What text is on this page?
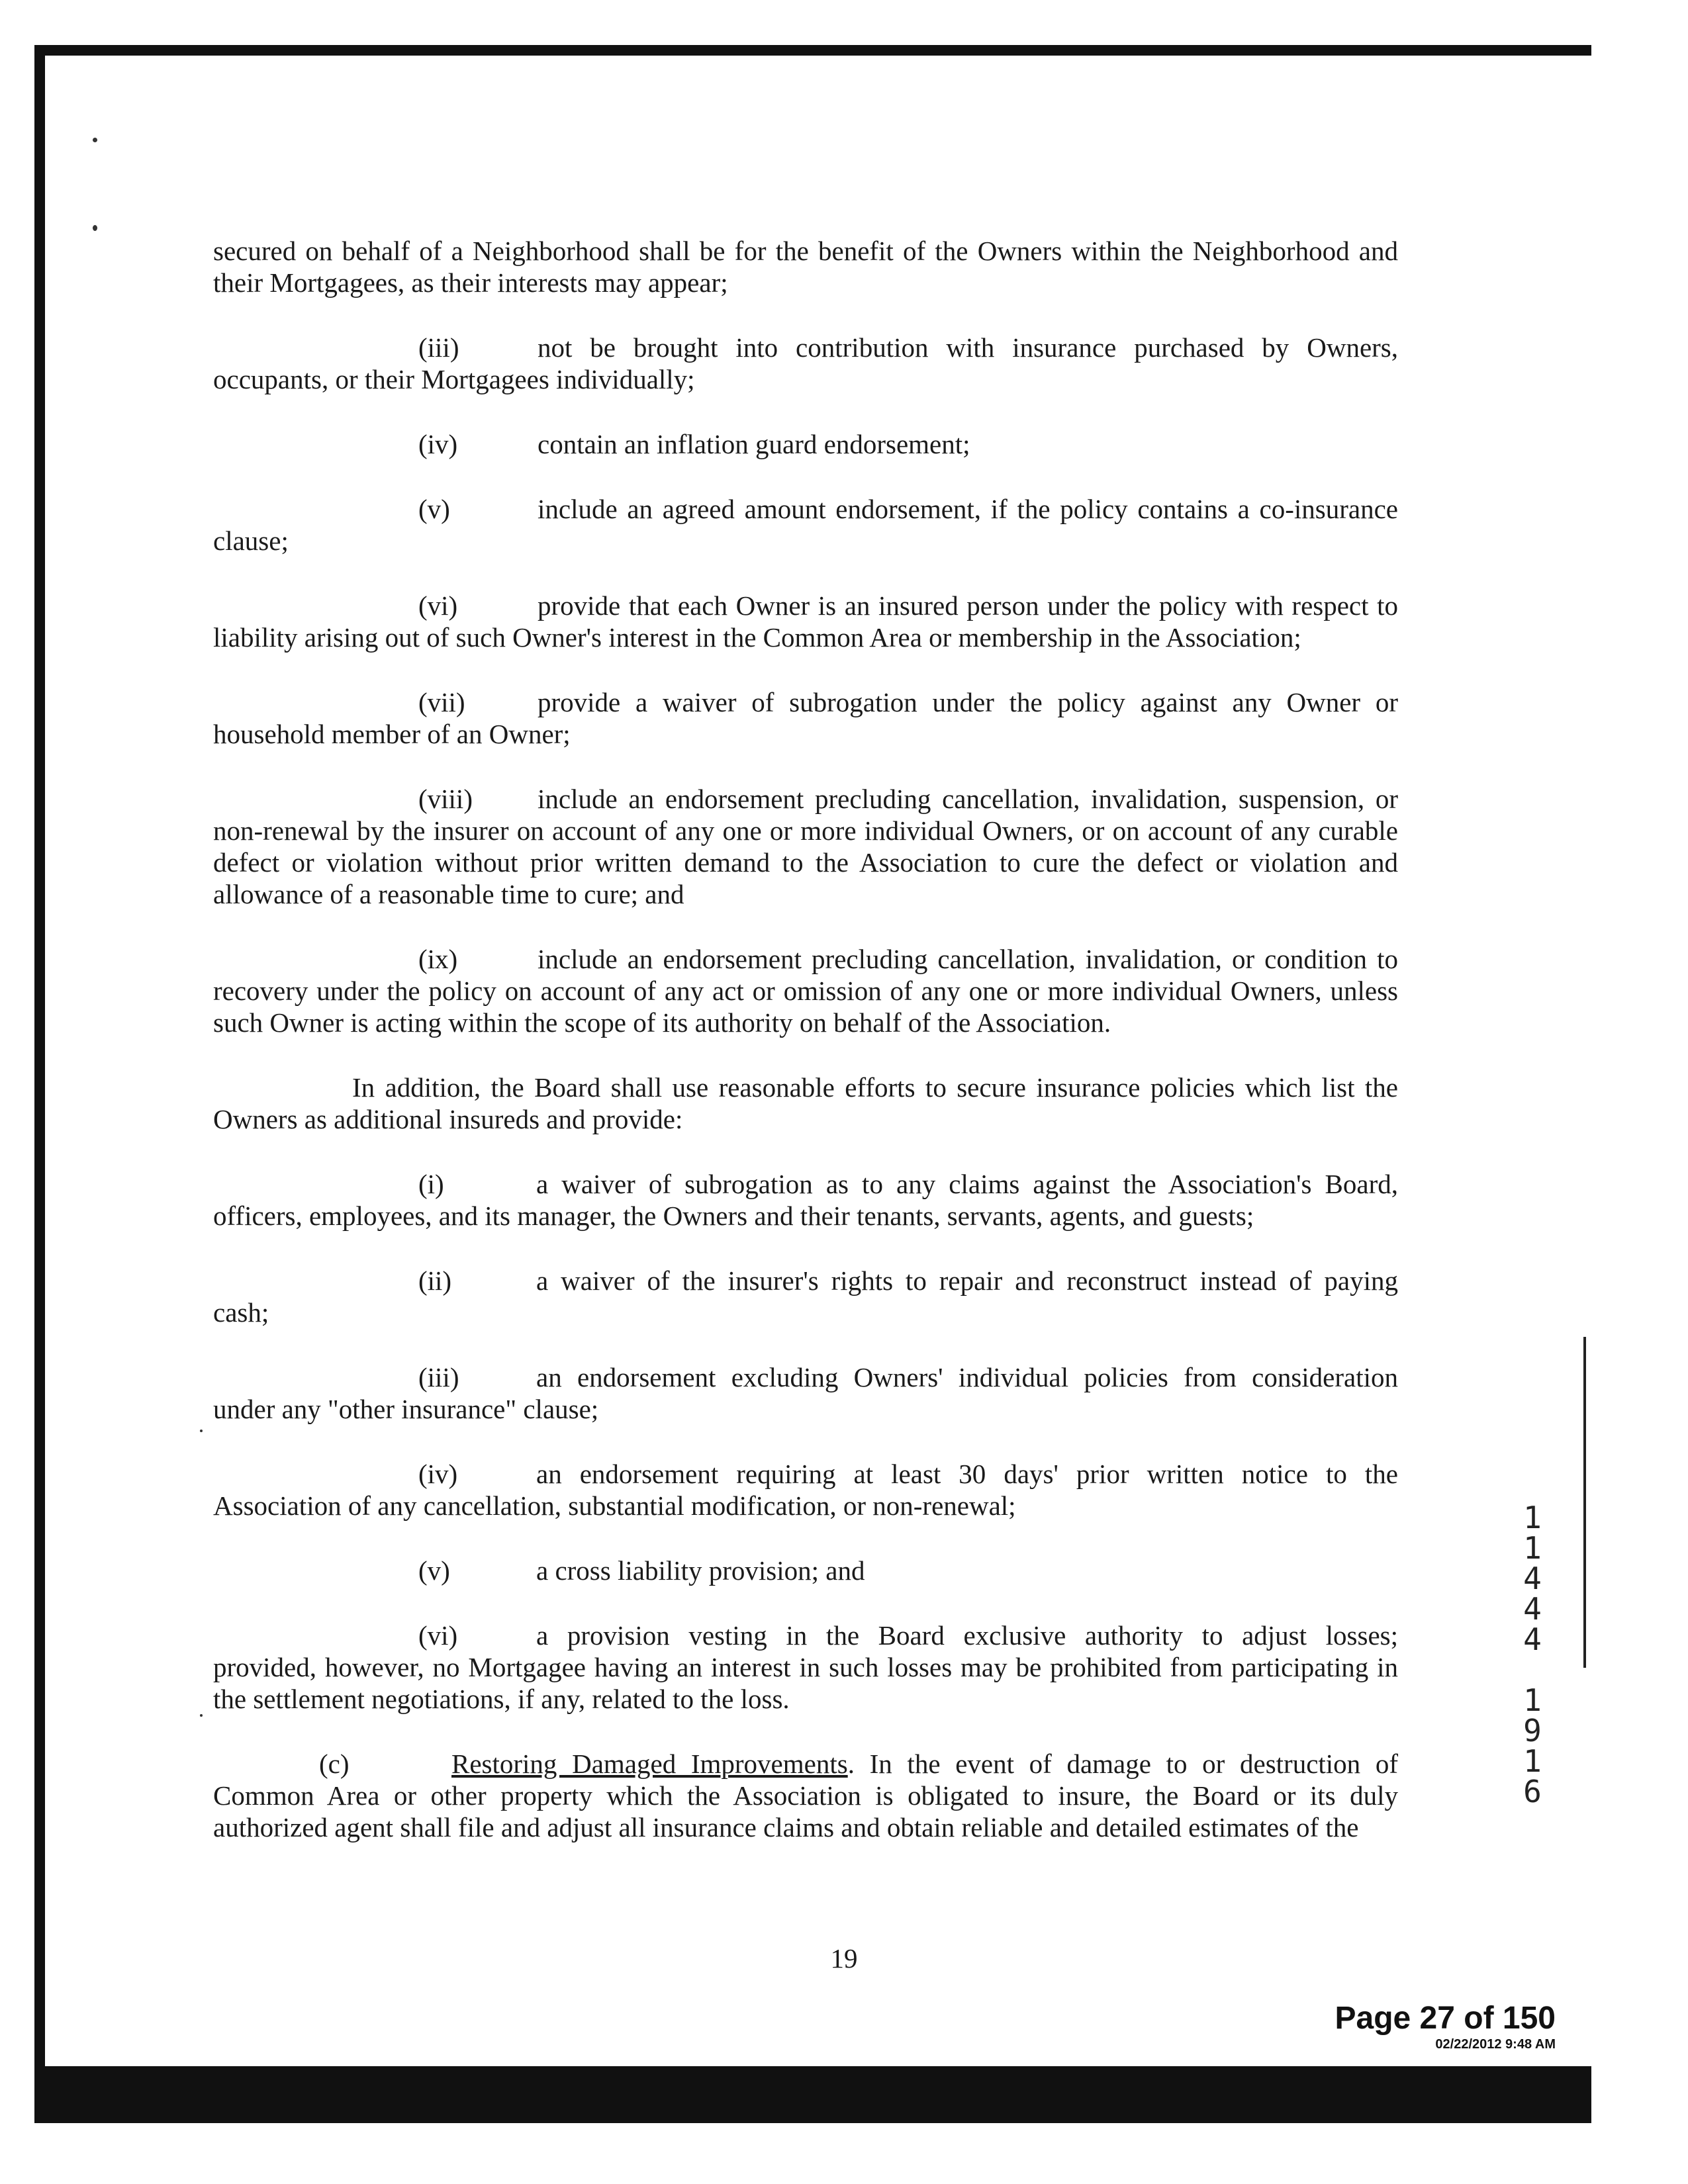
secured on behalf of a Neighborhood shall be for the benefit of the Owners within the Neighborhood and their Mortgagees, as their interests may appear;

(iii)	not be brought into contribution with insurance purchased by Owners,
occupants, or their Mortgagees individually;
(iv)	contain an inflation guard endorsement;
(v)	include an agreed amount endorsement, if the policy contains a co-insurance
clause;
(vi)	provide that each Owner is an insured person under the policy with respect to
liability arising out of such Owner's interest in the Common Area or membership in the Association;
(vii)	provide a waiver of subrogation under the policy against any Owner or
household member of an Owner;
(viii)	include an endorsement precluding cancellation, invalidation, suspension, or
non-renewal by the insurer on account of any one or more individual Owners, or on account of any curable defect or violation without prior written demand to the Association to cure the defect or violation and allowance of a reasonable time to cure; and
(ix)	include an endorsement precluding cancellation, invalidation, or condition to
recovery under the policy on account of any act or omission of any one or more individual Owners, unless such Owner is acting within the scope of its authority on behalf of the Association.

In addition, the Board shall use reasonable efforts to secure insurance policies which list the Owners as additional insureds and provide:

(i)	a waiver of subrogation as to any claims against the Association's Board,
officers, employees, and its manager, the Owners and their tenants, servants, agents, and guests;
(ii)	a waiver of the insurer's rights to repair and reconstruct instead of paying
cash;
(iii)	an endorsement excluding Owners' individual policies from consideration
under any "other insurance" clause;
(iv)	an endorsement requiring at least 30 days' prior written notice to the
Association of any cancellation, substantial modification, or non-renewal;
(v)	a cross liability provision; and
(vi)	a provision vesting in the Board exclusive authority to adjust losses;
provided, however, no Mortgagee having an interest in such losses may be prohibited from participating in the settlement negotiations, if any, related to the loss.
(c)	Restoring Damaged Improvements. In the event of damage to or destruction of
Common Area or other property which the Association is obligated to insure, the Board or its duly authorized agent shall file and adjust all insurance claims and obtain reliable and detailed estimates of the
19
1
1
4
4
4
1
9
1
6
Page 27 of 150
02/22/2012 9:48 AM
